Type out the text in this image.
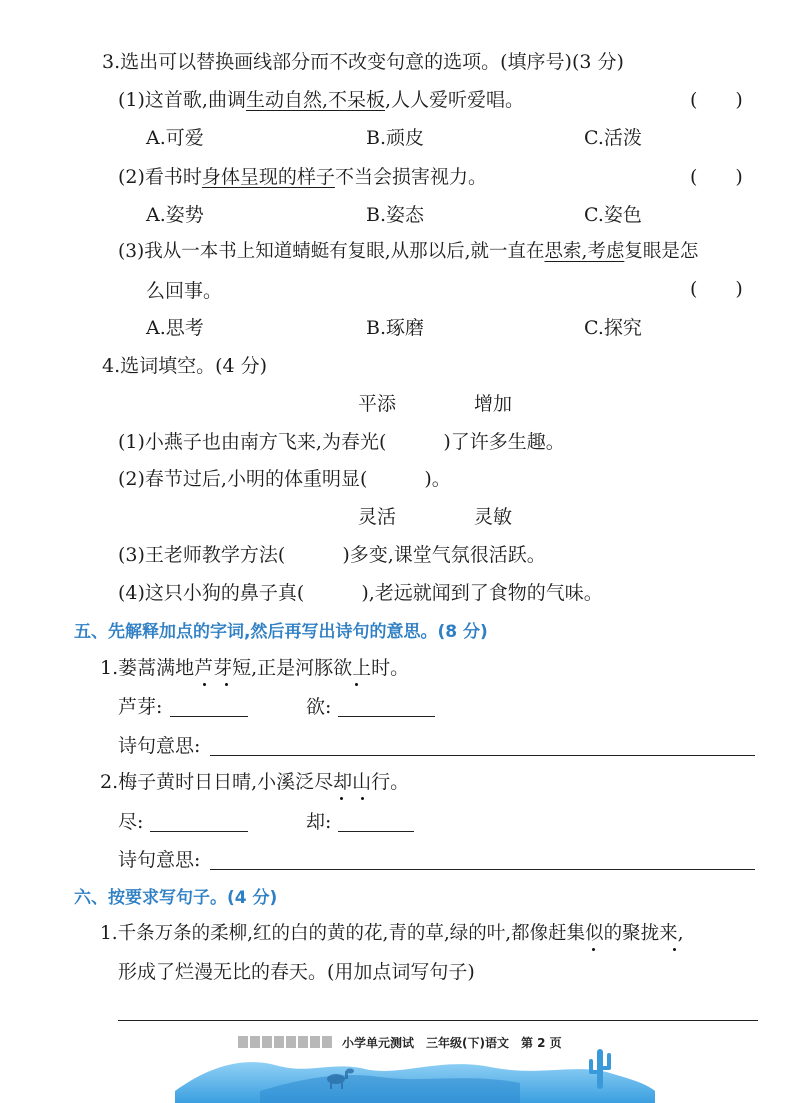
3.选出可以替换画线部分而不改变句意的选项。(填序号)(3 分)
(1)这首歌,曲调生动自然,不呆板,人人爱听爱唱。	(　　)
A.可爱	B.顽皮	C.活泼
(2)看书时身体呈现的样子不当会损害视力。	(　　)
A.姿势	B.姿态	C.姿色
(3)我从一本书上知道蜻蜓有复眼,从那以后,就一直在思索,考虑复眼是怎
么回事。	(　　)
A.思考	B.琢磨	C.探究
4.选词填空。(4 分)
平添	增加
(1)小燕子也由南方飞来,为春光(　　　)了许多生趣。
(2)春节过后,小明的体重明显(　　　)。
灵活	灵敏
(3)王老师教学方法(　　　)多变,课堂气氛很活跃。
(4)这只小狗的鼻子真(　　　),老远就闻到了食物的气味。
五、先解释加点的字词,然后再写出诗句的意思。(8 分)
1.蒌蒿满地芦芽短,正是河豚欲上时。
芦芽:	欲:
诗句意思:
2.梅子黄时日日晴,小溪泛尽却山行。
尽:	却:
诗句意思:
六、按要求写句子。(4 分)
1.千条万条的柔柳,红的白的黄的花,青的草,绿的叶,都像赶集似的聚拢来,
形成了烂漫无比的春天。(用加点词写句子)
小学单元测试　三年级(下)语文　第 2 页
